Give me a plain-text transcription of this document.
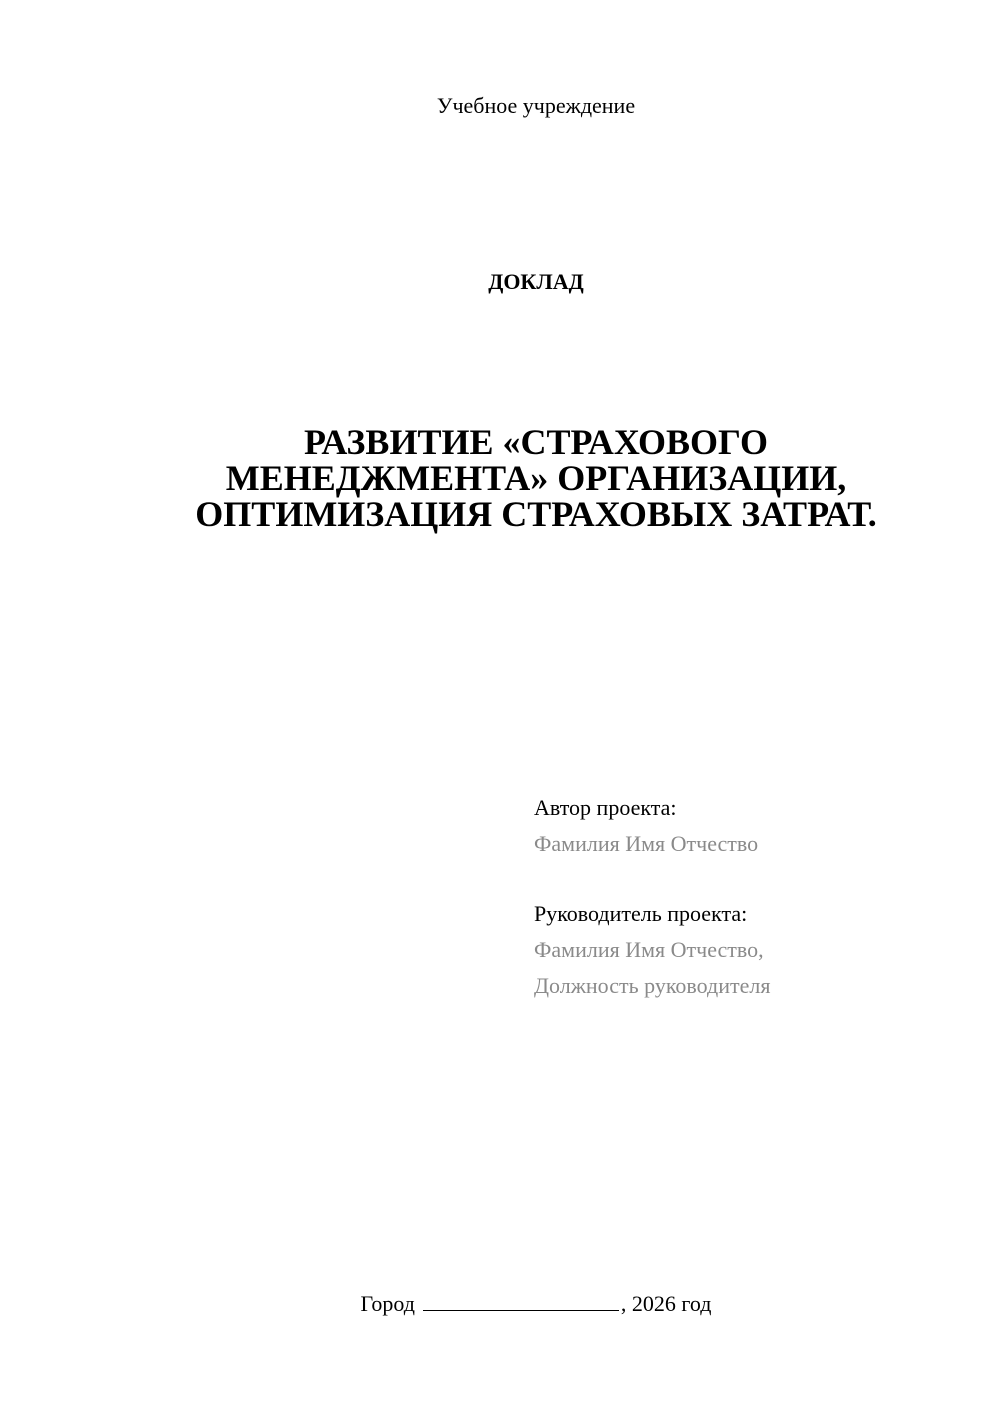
Учебное учреждение
ДОКЛАД
РАЗВИТИЕ «СТРАХОВОГО
МЕНЕДЖМЕНТА» ОРГАНИЗАЦИИ,
ОПТИМИЗАЦИЯ СТРАХОВЫХ ЗАТРАТ.
Автор проекта:
Фамилия Имя Отчество
Руководитель проекта:
Фамилия Имя Отчество,
Должность руководителя
Город	, 2026 год
